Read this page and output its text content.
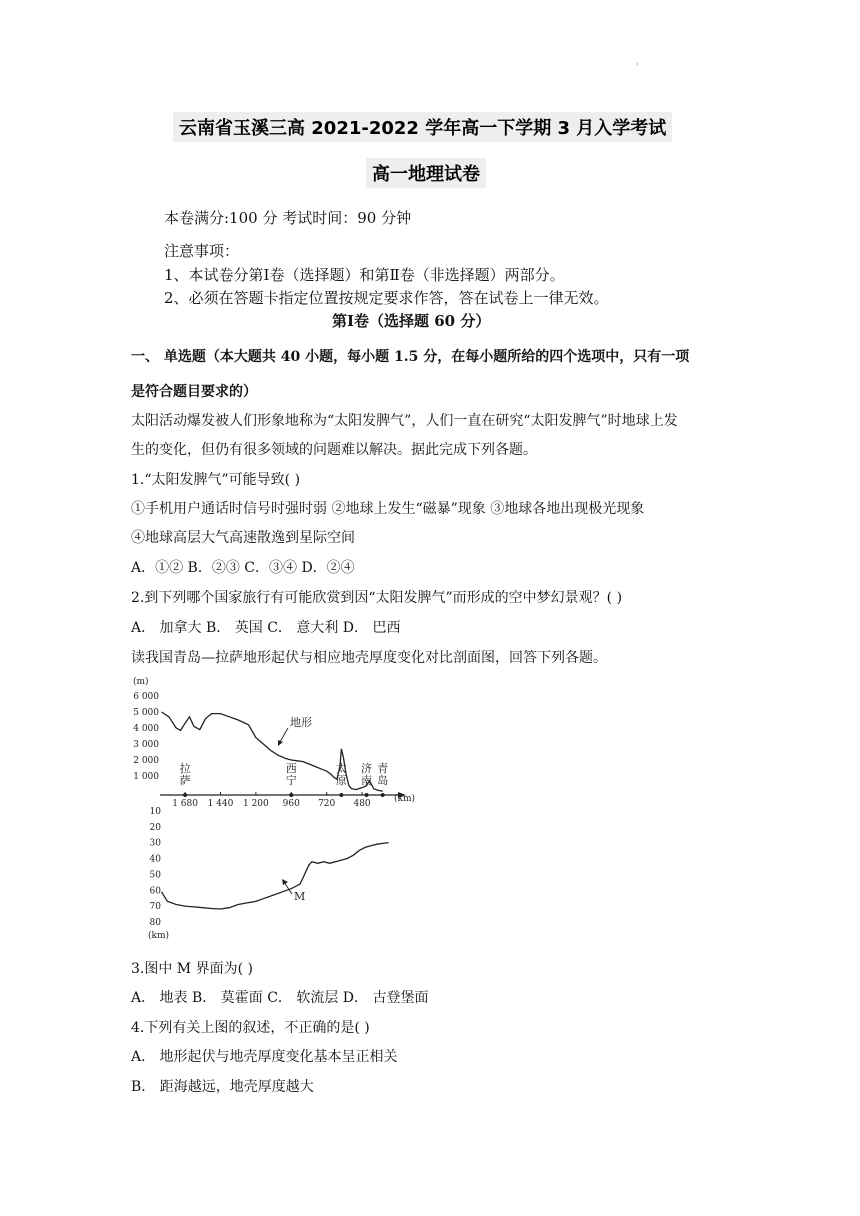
·
云南省玉溪三高 2021-2022 学年高一下学期 3 月入学考试
高一地理试卷
本卷满分:100 分 考试时间：90 分钟
注意事项：
1、本试卷分第Ⅰ卷（选择题）和第Ⅱ卷（非选择题）两部分。
2、必须在答题卡指定位置按规定要求作答，答在试卷上一律无效。
第Ⅰ卷（选择题 60 分）
一、 单选题（本大题共 40 小题，每小题 1.5 分，在每小题所给的四个选项中，只有一项
是符合题目要求的）
太阳活动爆发被人们形象地称为“太阳发脾气”，人们一直在研究“太阳发脾气”时地球上发
生的变化，但仍有很多领域的问题难以解决。据此完成下列各题。
1.“太阳发脾气”可能导致( )
①手机用户通话时信号时强时弱 ②地球上发生“磁暴”现象 ③地球各地出现极光现象
④地球高层大气高速散逸到星际空间
A．①② B．②③ C．③④ D．②④
2.到下列哪个国家旅行有可能欣赏到因“太阳发脾气”而形成的空中梦幻景观？( )
A． 加拿大 B． 英国 C． 意大利 D． 巴西
读我国青岛—拉萨地形起伏与相应地壳厚度变化对比剖面图，回答下列各题。
6 000
5 000
4 000
3 000
2 000
1 000
10
20
30
40
50
60
70
80
1 680 1 440 1 200 960 720 480
拉
萨
西
宁
太
原
济
南
青
岛
(m)
(km)
(km)
地形
M
3.图中 M 界面为( )
A． 地表 B． 莫霍面 C． 软流层 D． 古登堡面
4.下列有关上图的叙述，不正确的是( )
A． 地形起伏与地壳厚度变化基本呈正相关
B． 距海越远，地壳厚度越大
